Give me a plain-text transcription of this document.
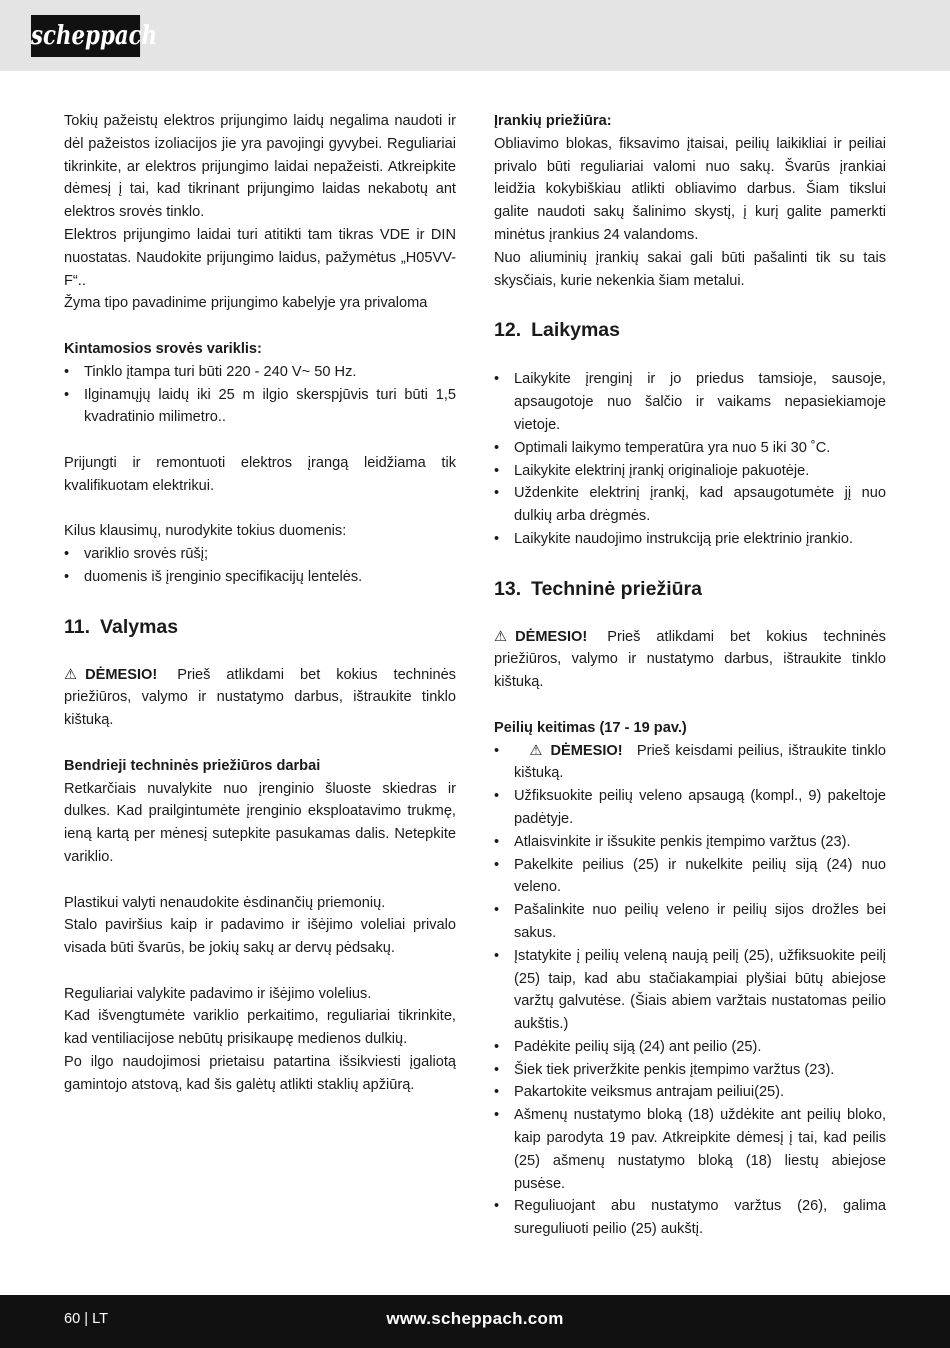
scheppach

Tokių pažeistų elektros prijungimo laidų negalima naudoti ir dėl pažeistos izoliacijos jie yra pavojingi gyvybei. Reguliariai tikrinkite, ar elektros prijungimo laidai nepažeisti. Atkreipkite dėmesį į tai, kad tikrinant prijungimo laidas nekabotų ant elektros srovės tinklo.

Elektros prijungimo laidai turi atitikti tam tikras VDE ir DIN nuostatas. Naudokite prijungimo laidus, pažymėtus „H05VV-F“..

Žyma tipo pavadinime prijungimo kabelyje yra privaloma

Kintamosios srovės variklis:

• Tinklo įtampa turi būti 220 - 240 V~ 50 Hz.
• Ilginamųjų laidų iki 25 m ilgio skerspjūvis turi būti 1,5 kvadratinio milimetro..

Prijungti ir remontuoti elektros įrangą leidžiama tik kvalifikuotam elektrikui.

Kilus klausimų, nurodykite tokius duomenis:

• variklio srovės rūšį;
• duomenis iš įrenginio specifikacijų lentelės.
11. Valymas

⚠ DĖMESIO! Prieš atlikdami bet kokius techninės priežiūros, valymo ir nustatymo darbus, ištraukite tinklo kištuką.

Bendrieji techninės priežiūros darbai

Retkarčiais nuvalykite nuo įrenginio šluoste skiedras ir dulkes. Kad prailgintumėte įrenginio eksploatavimo trukmę, ieną kartą per mėnesį sutepkite pasukamas dalis. Netepkite variklio.

Plastikui valyti nenaudokite ėsdinančių priemonių.

Stalo paviršius kaip ir padavimo ir išėjimo voleliai privalo visada būti švarūs, be jokių sakų ar dervų pėdsakų.

Reguliariai valykite padavimo ir išėjimo volelius.

Kad išvengtumėte variklio perkaitimo, reguliariai tikrinkite, kad ventiliacijose nebūtų prisikaupę medienos dulkių.

Po ilgo naudojimosi prietaisu patartina išsikviesti įgaliotą gamintojo atstovą, kad šis galėtų atlikti staklių apžiūrą.

Įrankių priežiūra:

Obliavimo blokas, fiksavimo įtaisai, peilių laikikliai ir peiliai privalo būti reguliariai valomi nuo sakų. Švarūs įrankiai leidžia kokybiškiau atlikti obliavimo darbus. Šiam tikslui galite naudoti sakų šalinimo skystį, į kurį galite pamerkti minėtus įrankius 24 valandoms.

Nuo aliuminių įrankių sakai gali būti pašalinti tik su tais skysčiais, kurie nekenkia šiam metalui.

12. Laikymas
• Laikykite įrenginį ir jo priedus tamsioje, sausoje, apsaugotoje nuo šalčio ir vaikams nepasiekiamoje vietoje.
• Optimali laikymo temperatūra yra nuo 5 iki 30 ˚C.
• Laikykite elektrinį įrankį originalioje pakuotėje.
• Uždenkite elektrinį įrankį, kad apsaugotumėte jį nuo dulkių arba drėgmės.
• Laikykite naudojimo instrukciją prie elektrinio įrankio.
13. Techninė priežiūra

⚠ DĖMESIO! Prieš atlikdami bet kokius techninės priežiūros, valymo ir nustatymo darbus, ištraukite tinklo kištuką.

Peilių keitimas (17 - 19 pav.)

• ⚠ DĖMESIO! Prieš keisdami peilius, ištraukite tinklo kištuką.
• Užfiksuokite peilių veleno apsaugą (kompl., 9) pakeltoje padėtyje.
• Atlaisvinkite ir išsukite penkis įtempimo varžtus (23).
• Pakelkite peilius (25) ir nukelkite peilių siją (24) nuo veleno.
• Pašalinkite nuo peilių veleno ir peilių sijos drožles bei sakus.
• Įstatykite į peilių veleną naują peilį (25), užfiksuokite peilį (25) taip, kad abu stačiakampiai plyšiai būtų abiejose varžtų galvutėse. (Šiais abiem varžtais nustatomas peilio aukštis.)
• Padėkite peilių siją (24) ant peilio (25).
• Šiek tiek priveržkite penkis įtempimo varžtus (23).
• Pakartokite veiksmus antrajam peiliui(25).
• Ašmenų nustatymo bloką (18) uždėkite ant peilių bloko, kaip parodyta 19 pav. Atkreipkite dėmesį į tai, kad peilis (25) ašmenų nustatymo bloką (18) liestų abiejose pusėse.
• Reguliuojant abu nustatymo varžtus (26), galima sureguliuoti peilio (25) aukštį.
60 | LT	www.scheppach.com
